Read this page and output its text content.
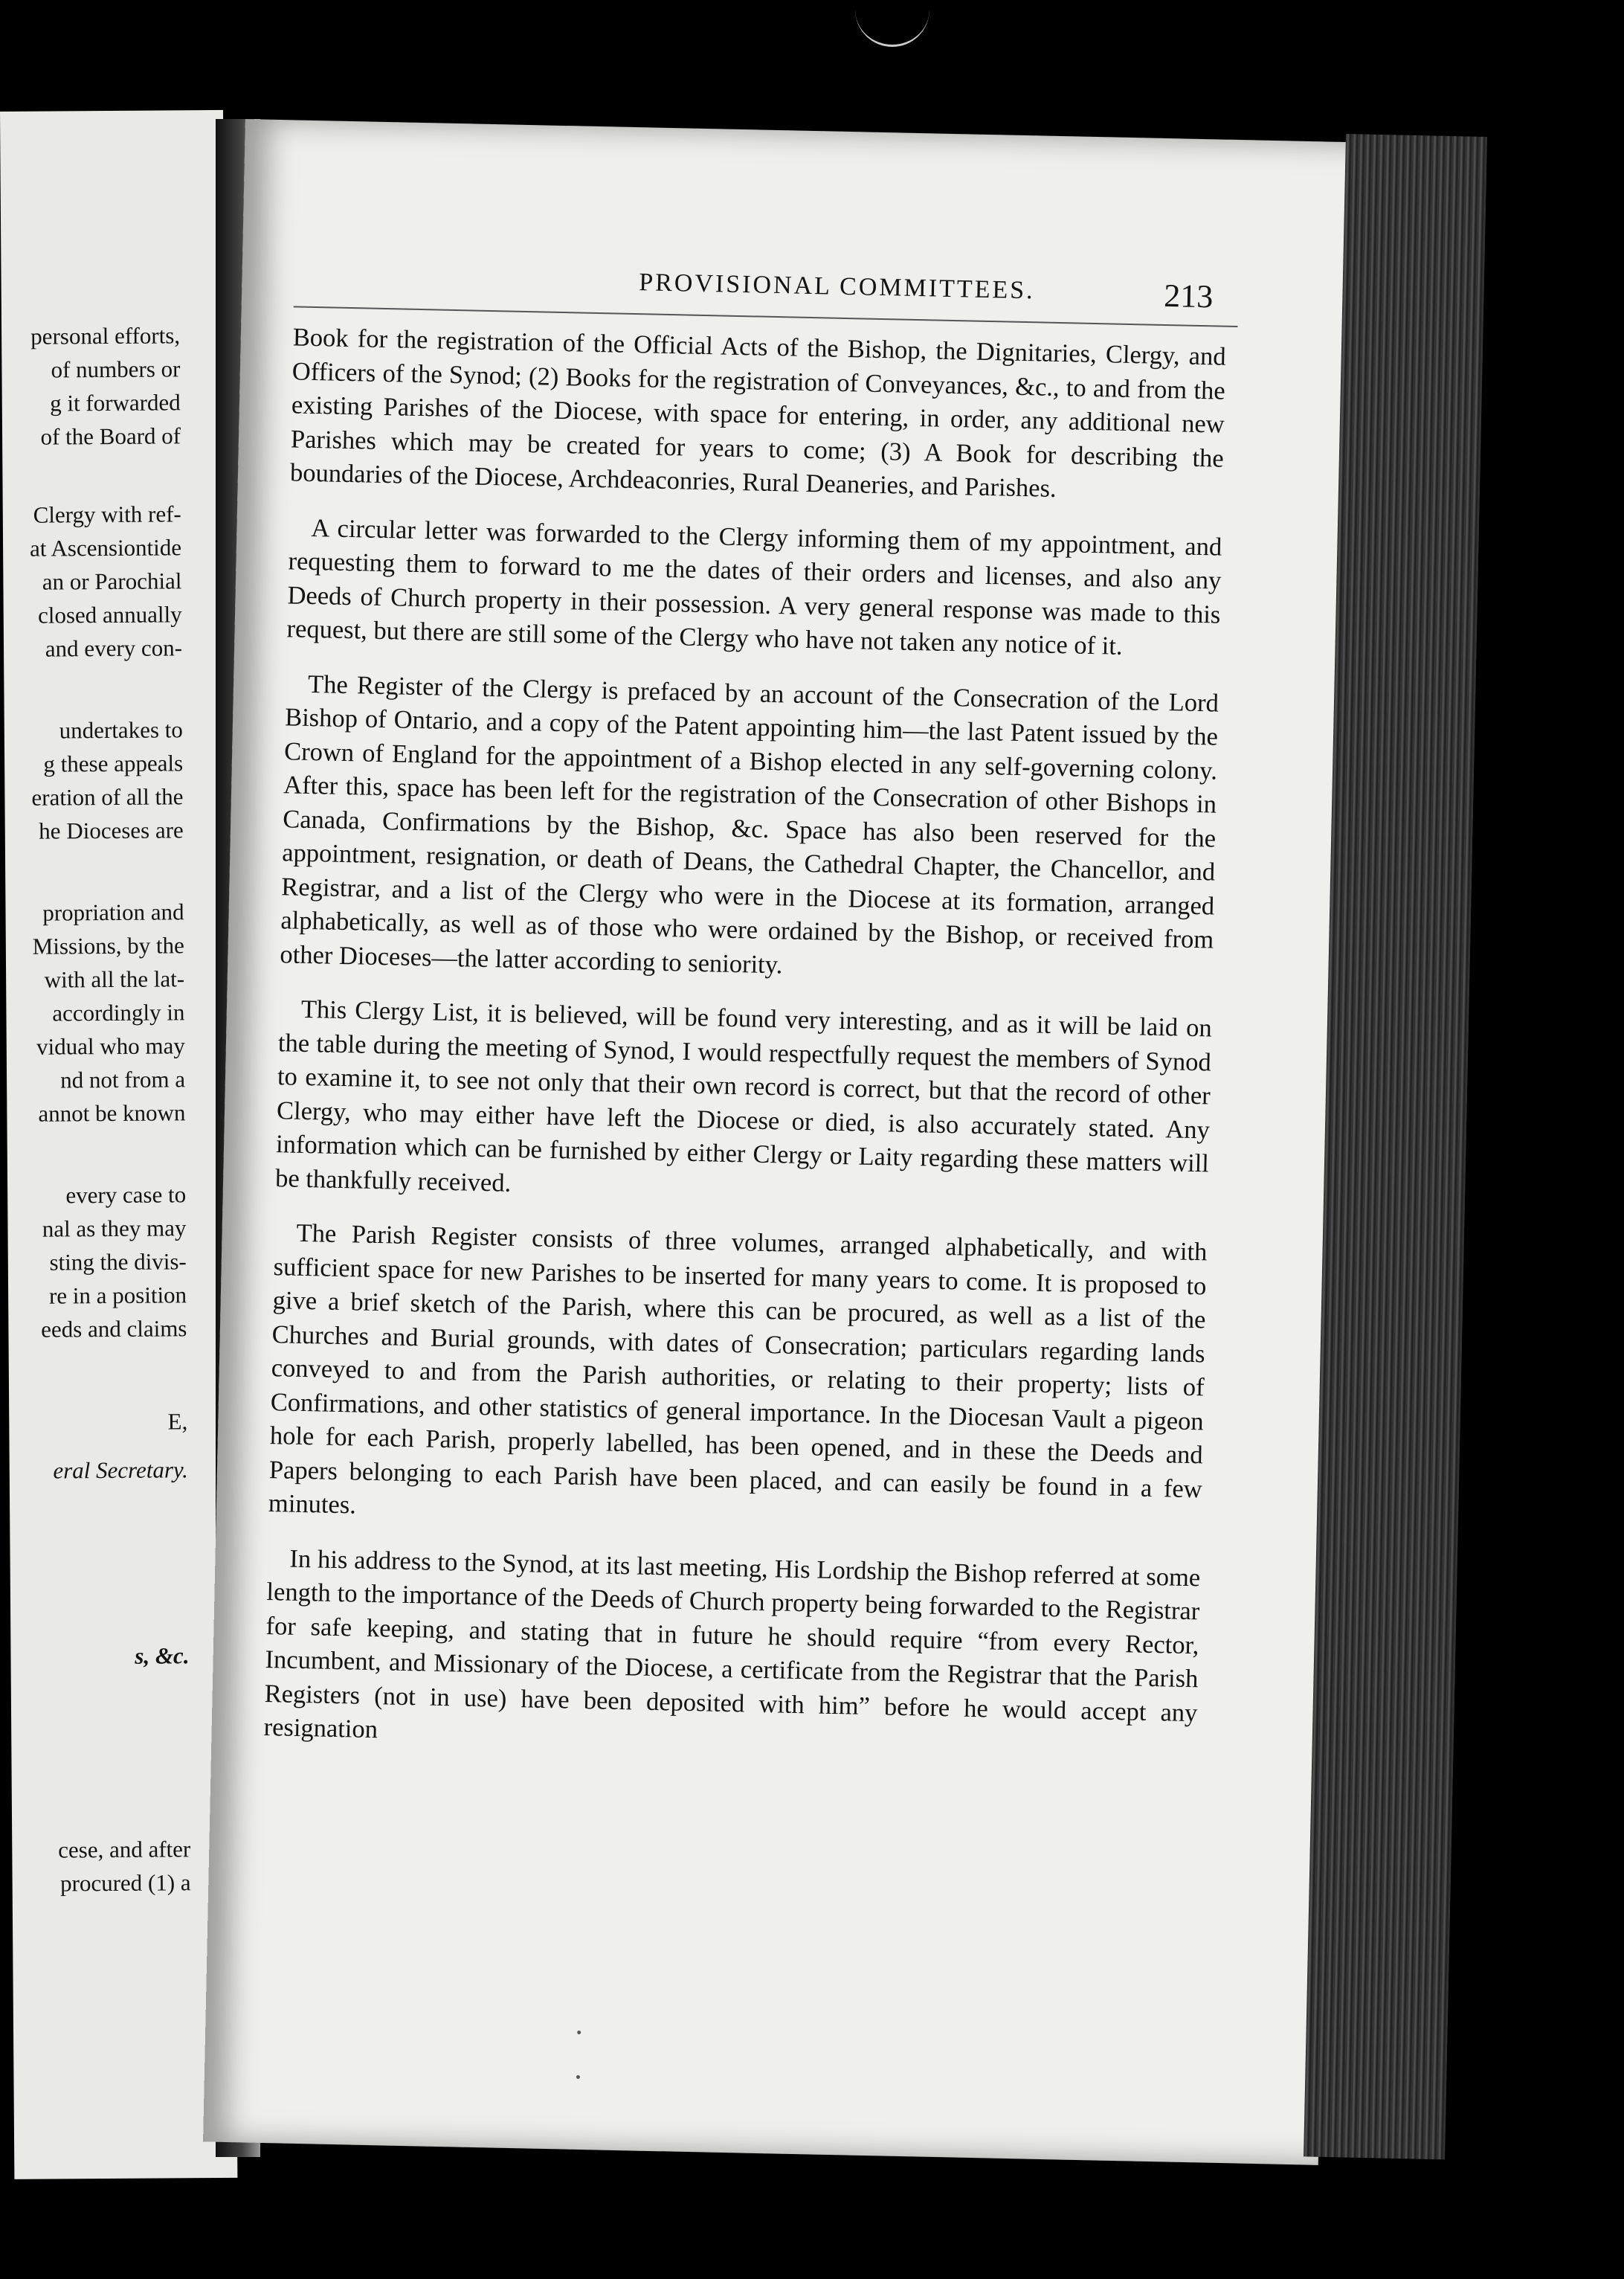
personal efforts,
of numbers or
g it forwarded
of the Board of
Clergy with ref-
at Ascensiontide
an or Parochial
closed annually
and every con-
undertakes to
g these appeals
eration of all the
he Dioceses are
propriation and
Missions, by the
with all the lat-
accordingly in
vidual who may
nd not from a
annot be known
every case to
nal as they may
sting the divis-
re in a position
eeds and claims
E,
eral Secretary.
s, &c.
cese, and after
procured (1) a
PROVISIONAL COMMITTEES.	213

Book for the registration of the Official Acts of the Bishop, the Dignitaries, Clergy, and Officers of the Synod; (2) Books for the registration of Conveyances, &c., to and from the existing Parishes of the Diocese, with space for entering, in order, any additional new Parishes which may be created for years to come; (3) A Book for describing the boundaries of the Diocese, Archdeaconries, Rural Deaneries, and Parishes.

A circular letter was forwarded to the Clergy informing them of my appointment, and requesting them to forward to me the dates of their orders and licenses, and also any Deeds of Church property in their possession. A very general response was made to this request, but there are still some of the Clergy who have not taken any notice of it.

The Register of the Clergy is prefaced by an account of the Consecration of the Lord Bishop of Ontario, and a copy of the Patent appointing him—the last Patent issued by the Crown of England for the appointment of a Bishop elected in any self-governing colony. After this, space has been left for the registration of the Consecration of other Bishops in Canada, Confirmations by the Bishop, &c. Space has also been reserved for the appointment, resignation, or death of Deans, the Cathedral Chapter, the Chancellor, and Registrar, and a list of the Clergy who were in the Diocese at its formation, arranged alphabetically, as well as of those who were ordained by the Bishop, or received from other Dioceses—the latter according to seniority.

This Clergy List, it is believed, will be found very interesting, and as it will be laid on the table during the meeting of Synod, I would respectfully request the members of Synod to examine it, to see not only that their own record is correct, but that the record of other Clergy, who may either have left the Diocese or died, is also accurately stated. Any information which can be furnished by either Clergy or Laity regarding these matters will be thankfully received.

The Parish Register consists of three volumes, arranged alphabetically, and with sufficient space for new Parishes to be inserted for many years to come. It is proposed to give a brief sketch of the Parish, where this can be procured, as well as a list of the Churches and Burial grounds, with dates of Consecration; particulars regarding lands conveyed to and from the Parish authorities, or relating to their property; lists of Confirmations, and other statistics of general importance. In the Diocesan Vault a pigeon hole for each Parish, properly labelled, has been opened, and in these the Deeds and Papers belonging to each Parish have been placed, and can easily be found in a few minutes.

In his address to the Synod, at its last meeting, His Lordship the Bishop referred at some length to the importance of the Deeds of Church property being forwarded to the Registrar for safe keeping, and stating that in future he should require “from every Rector, Incumbent, and Missionary of the Diocese, a certificate from the Registrar that the Parish Registers (not in use) have been deposited with him” before he would accept any resignation
